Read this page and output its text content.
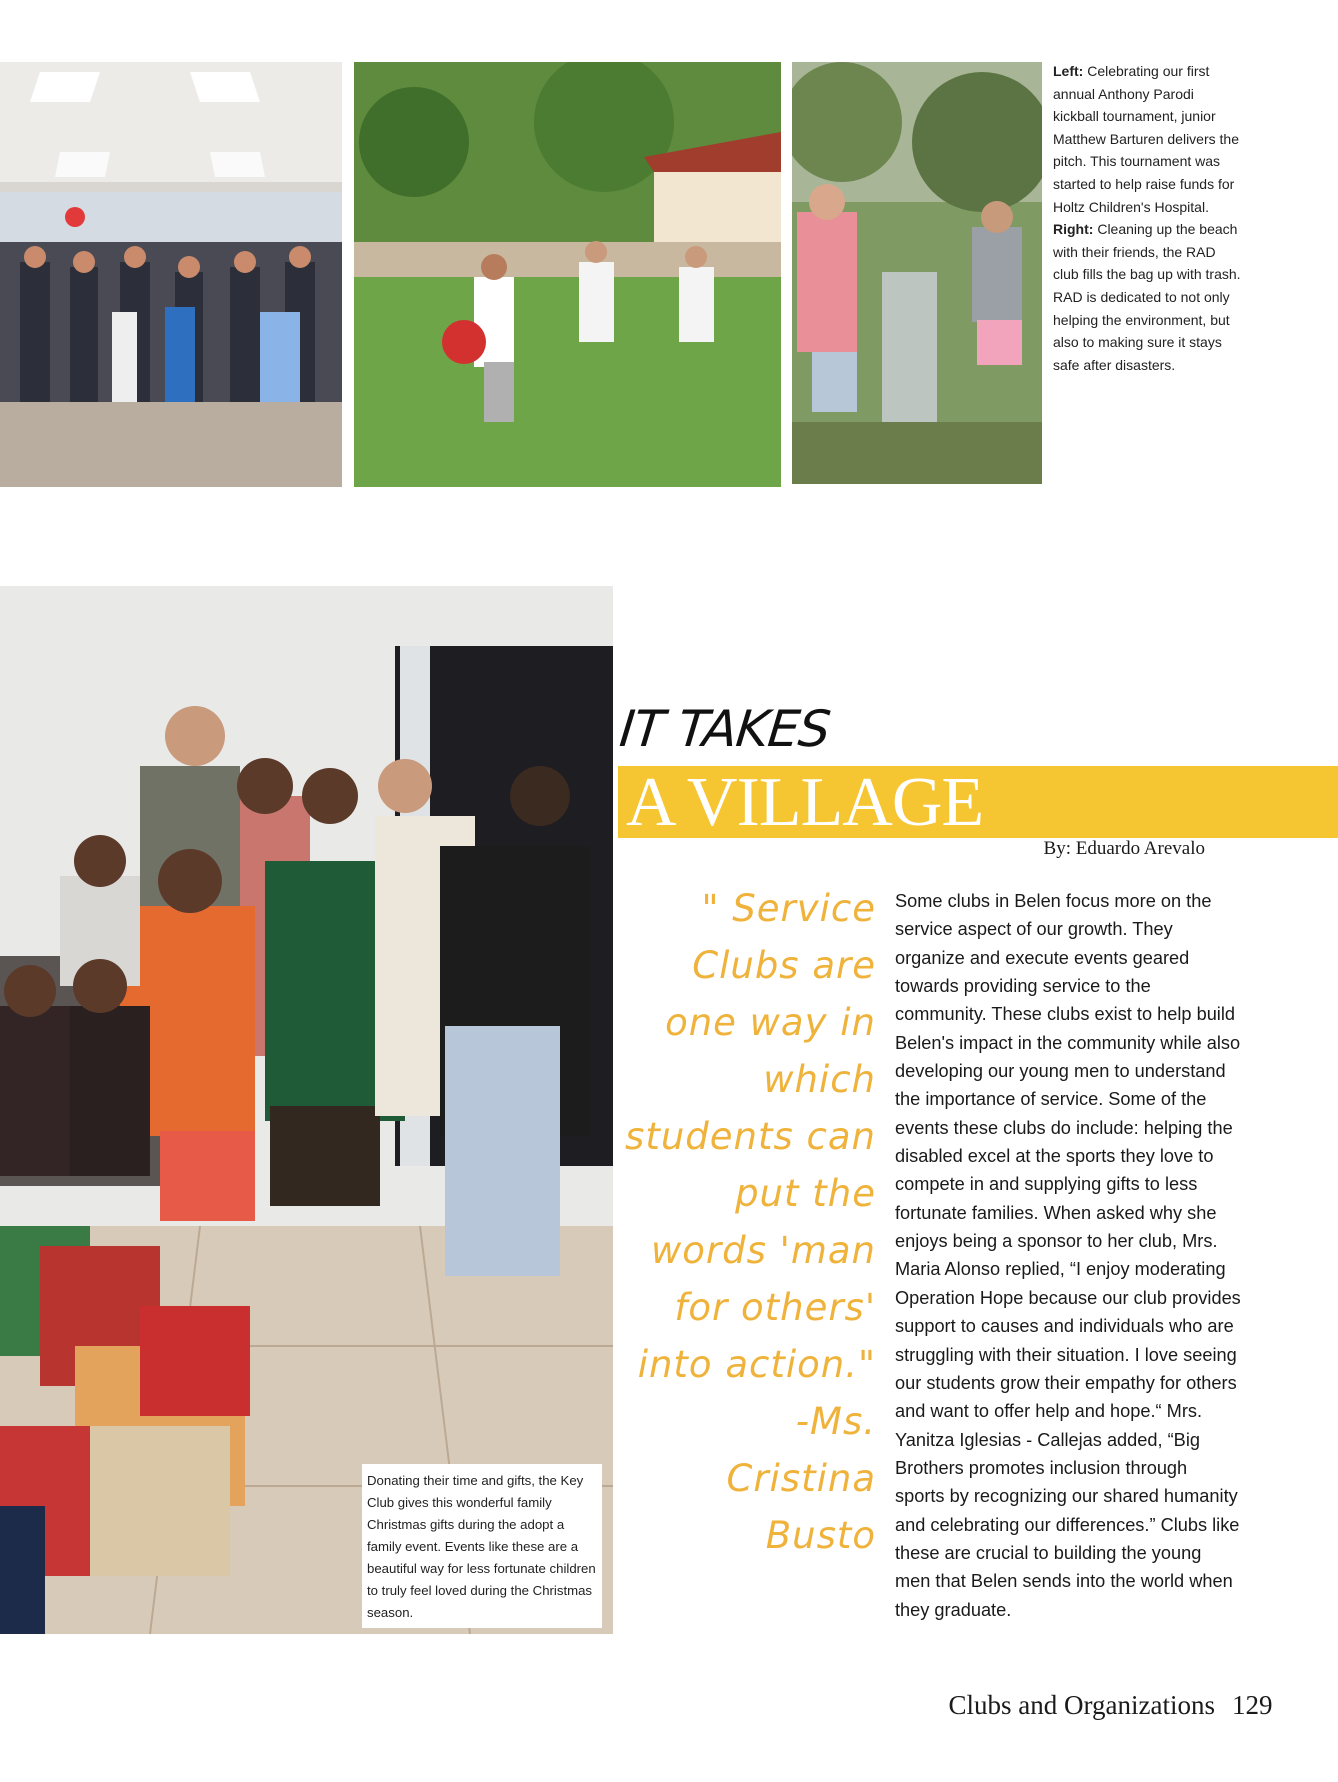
Left: Celebrating our first annual Anthony Parodi kickball tournament, junior Matthew Barturen delivers the pitch. This tournament was started to help raise funds for Holtz Children's Hospital.
Right: Cleaning up the beach with their friends, the RAD club fills the bag up with trash. RAD is dedicated to not only helping the environment, but also to making sure it stays safe after disasters.
Donating their time and gifts, the Key Club gives this wonderful family Christmas gifts during the adopt a family event. Events like these are a beautiful way for less fortunate children to truly feel loved during the Christmas season.
IT TAKES
A VILLAGE
By: Eduardo Arevalo
" Service
Clubs are
one way in
which
students can
put the
words 'man
for others'
into action."
-Ms.
Cristina
Busto
Some clubs in Belen focus more on the service aspect of our growth. They organize and execute events geared towards providing service to the community. These clubs exist to help build Belen's impact in the community while also developing our young men to understand the importance of service. Some of the events these clubs do include: helping the disabled excel at the sports they love to compete in and supplying gifts to less fortunate families. When asked why she enjoys being a sponsor to her club, Mrs. Maria Alonso replied, “I enjoy moderating Operation Hope because our club provides support to causes and individuals who are struggling with their situation. I love seeing our students grow their empathy for others and want to offer help and hope.“ Mrs. Yanitza Iglesias - Callejas added, “Big Brothers promotes inclusion through sports by recognizing our shared humanity and celebrating our differences.” Clubs like these are crucial to building the young men that Belen sends into the world when they graduate.
Clubs and Organizations 129
